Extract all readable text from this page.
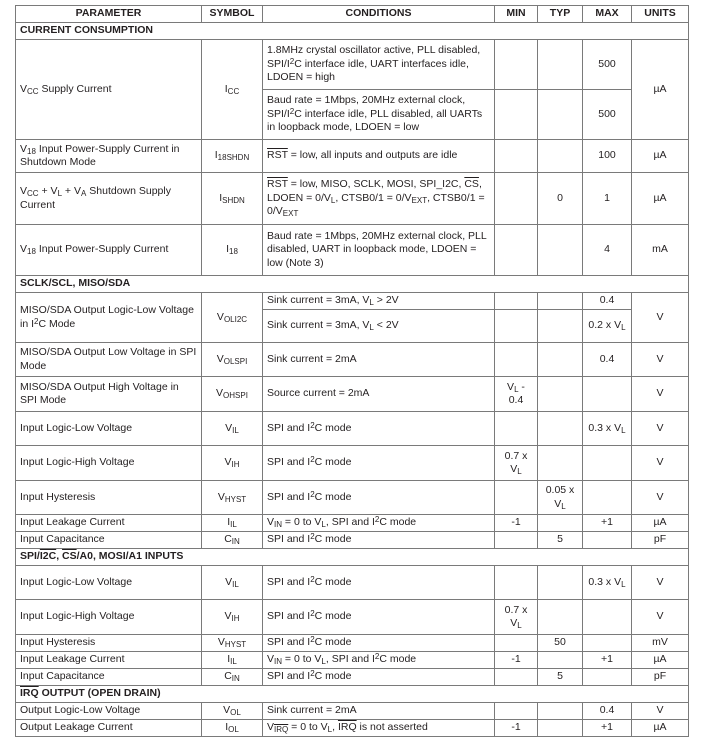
PARAMETER	SYMBOL	CONDITIONS	MIN	TYP	MAX	UNITS
CURRENT CONSUMPTION						
$V_{CC}$ Supply Current	$I_{CC}$	1.8MHz crystal oscillator active, PLL disabled, SPI/$I^2C$ interface idle, UART interfaces idle, LDOEN = high			500	µA
		Baud rate = 1Mbps, 20MHz external clock, SPI/$I^2C$ interface idle, PLL disabled, all UARTs in loopback mode, LDOEN = low			500	
$V_{18}$ Input Power-Supply Current in Shutdown Mode	$I_{18SHDN}$	$\overline{RST}$ = low, all inputs and outputs are idle			100	µA
$V_{CC} + V_L + V_A$ Shutdown Supply Current	$I_{SHDN}$	$\overline{RST}$ = low, MISO, SCLK, MOSI, SPI_I2C, $\overline{CS}$, LDOEN = $0/V_L$, CTSB0/1 = $0/V_{EXT}$, CTSB0/1 = $0/V_{EXT}$		0	1	µA
$V_{18}$ Input Power-Supply Current	$I_{18}$	Baud rate = 1Mbps, 20MHz external clock, PLL disabled, UART in loopback mode, LDOEN = low (Note 3)			4	mA
SCLK/SCL, MISO/SDA						
MISO/SDA Output Logic-Low Voltage in $I^2C$ Mode	$V_{OLI2C}$	Sink current = 3mA, $V_L > 2V$			0.4	V
		Sink current = 3mA, $V_L < 2V$			0.2 x $V_L$
MISO/SDA Output Low Voltage in SPI Mode	$V_{OLSPI}$	Sink current = 2mA			0.4	V
MISO/SDA Output High Voltage in SPI Mode	$V_{OHSPI}$	Source current = 2mA	$V_L - 0.4$			V
Input Logic-Low Voltage	$V_{IL}$	SPI and $I^2C$ mode			0.3 x $V_L$	V
Input Logic-High Voltage	$V_{IH}$	SPI and $I^2C$ mode	0.7 x $V_L$			V
Input Hysteresis	$V_{HYST}$	SPI and $I^2C$ mode		0.05 x $V_L$		V
Input Leakage Current	$I_{IL}$	$V_{IN} = 0$ to $V_L$, SPI and $I^2C$ mode	-1		+1	µA
Input Capacitance	$C_{IN}$	SPI and $I^2C$ mode		5		pF
SPI/I2C, $\overline{CS}/A0$, MOSI/A1 INPUTS						
Input Logic-Low Voltage	$V_{IL}$	SPI and $I^2C$ mode			0.3 x $V_L$	V
Input Logic-High Voltage	$V_{IH}$	SPI and $I^2C$ mode	0.7 x $V_L$			V
Input Hysteresis	$V_{HYST}$	SPI and $I^2C$ mode		50		mV
Input Leakage Current	$I_{IL}$	$V_{IN} = 0$ to $V_L$, SPI and $I^2C$ mode	-1		+1	µA
Input Capacitance	$C_{IN}$	SPI and $I^2C$ mode		5		pF
$\overline{IRQ}$ OUTPUT (OPEN DRAIN)						
Output Logic-Low Voltage	$V_{OL}$	Sink current = 2mA			0.4	V
Output Leakage Current	$I_{OL}$	$V_{\overline{IRQ}} = 0$ to $V_L$, $\overline{IRQ}$ is not asserted	-1		+1	µA
